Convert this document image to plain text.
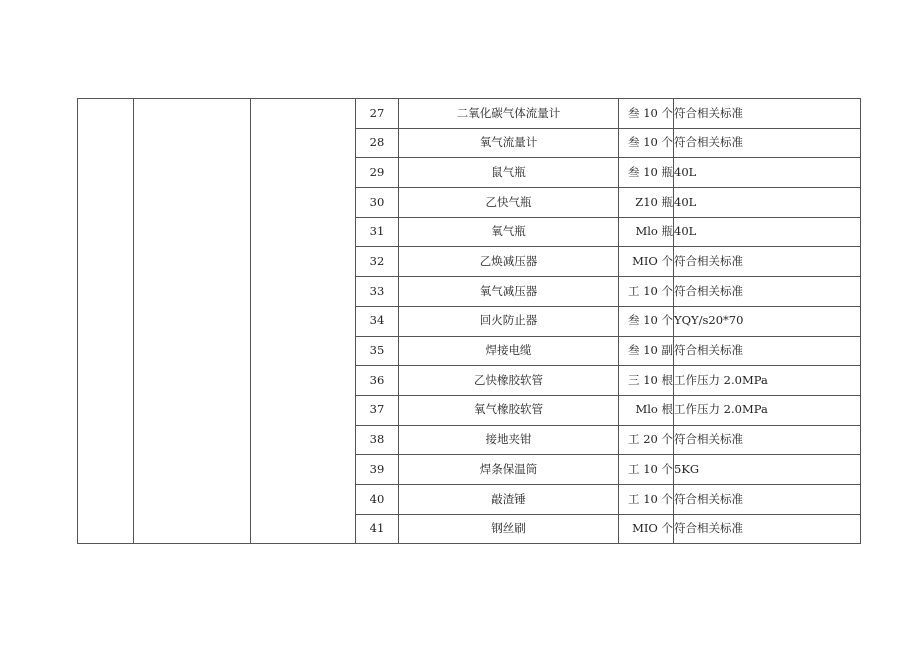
			27	二氧化碳气体流量计	叁 10 个	符合相关标准
			28	氧气流量计	叁 10 个	符合相关标准
			29	鼠气瓶	叁 10 瓶	40L
			30	乙快气瓶	Z10 瓶	40L
			31	氧气瓶	Mlo 瓶	40L
			32	乙焕减压器	MIO 个	符合相关标准
			33	氧气减压器	工 10 个	符合相关标准
			34	回火防止器	叁 10 个	YQY/s20*70
			35	焊接电缆	叁 10 副	符合相关标准
			36	乙快橡胶软管	三 10 根	工作压力 2.0MPa
			37	氧气橡胶软管	Mlo 根	工作压力 2.0MPa
			38	接地夹钳	工 20 个	符合相关标准
			39	焊条保温筒	工 10 个	5KG
			40	敲渣锤	工 10 个	符合相关标准
			41	钢丝刷	MIO 个	符合相关标准
